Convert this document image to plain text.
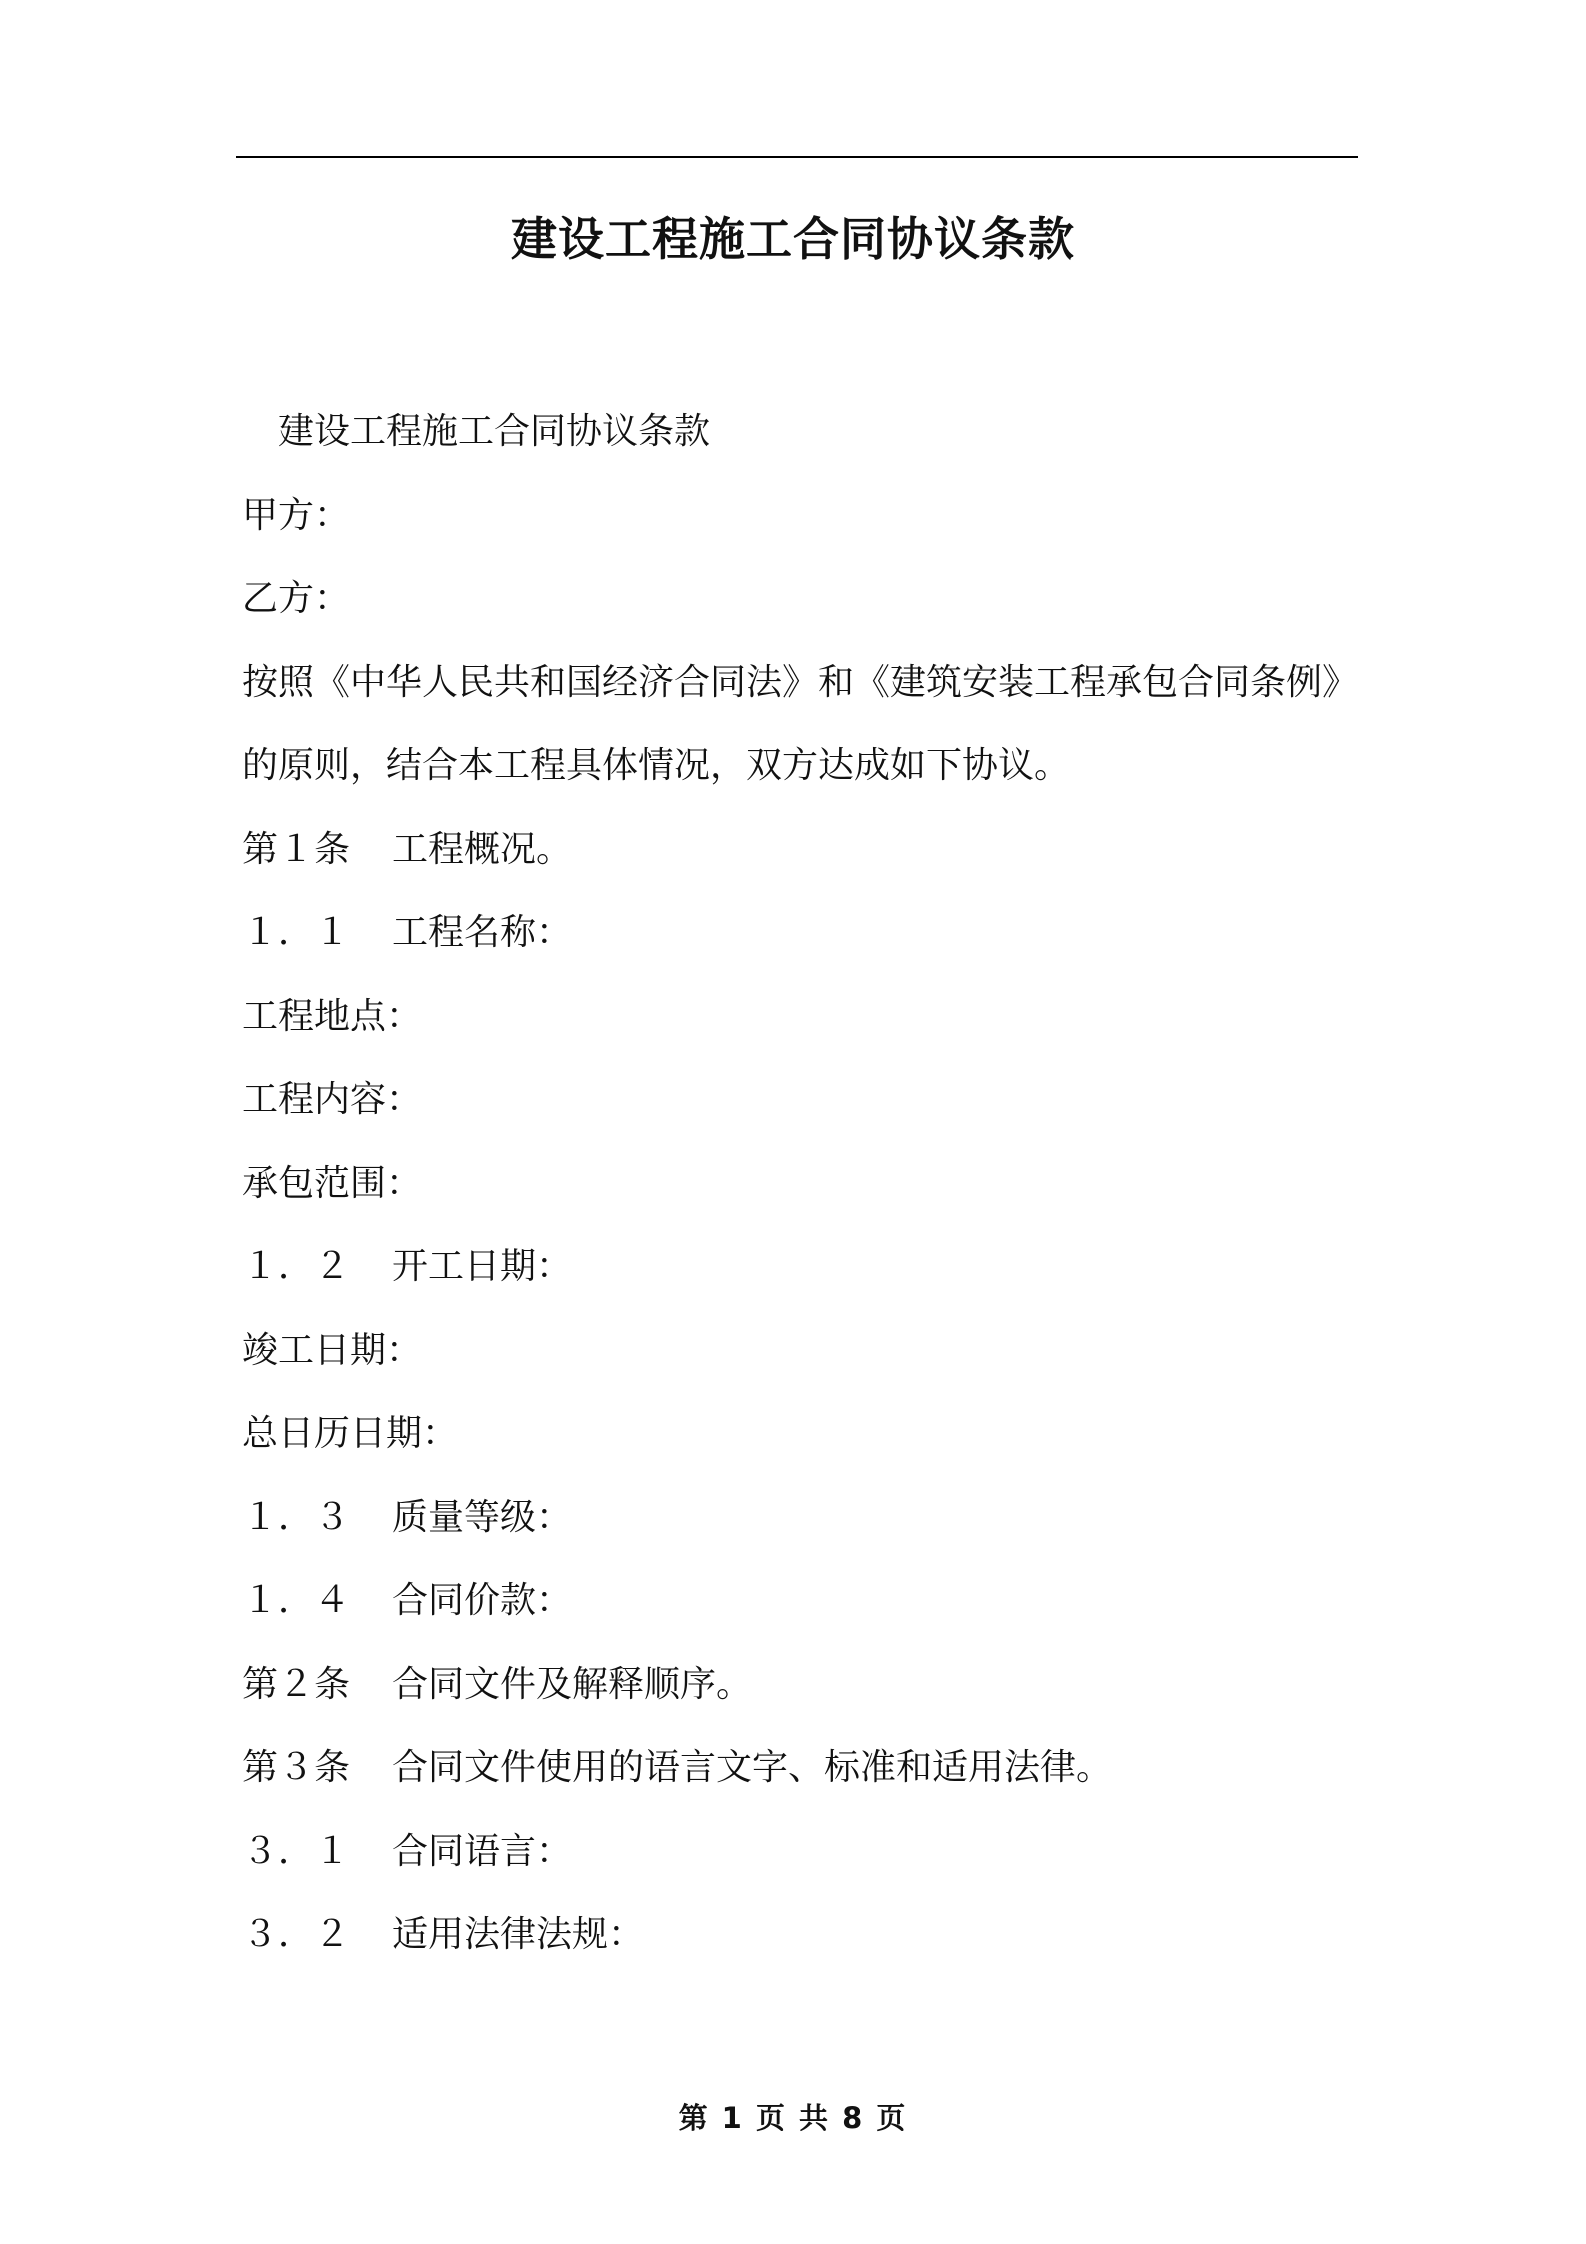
建设工程施工合同协议条款
建设工程施工合同协议条款
甲方：
乙方：
按照《中华人民共和国经济合同法》和《建筑安装工程承包合同条例》
的原则，结合本工程具体情况，双方达成如下协议。
第１条 工程概况。
１．１ 工程名称：
工程地点：
工程内容：
承包范围：
１．２ 开工日期：
竣工日期：
总日历日期：
１．３ 质量等级：
１．４ 合同价款：
第２条 合同文件及解释顺序。
第３条 合同文件使用的语言文字、标准和适用法律。
３．１ 合同语言：
３．２ 适用法律法规：
第 1 页 共 8 页
